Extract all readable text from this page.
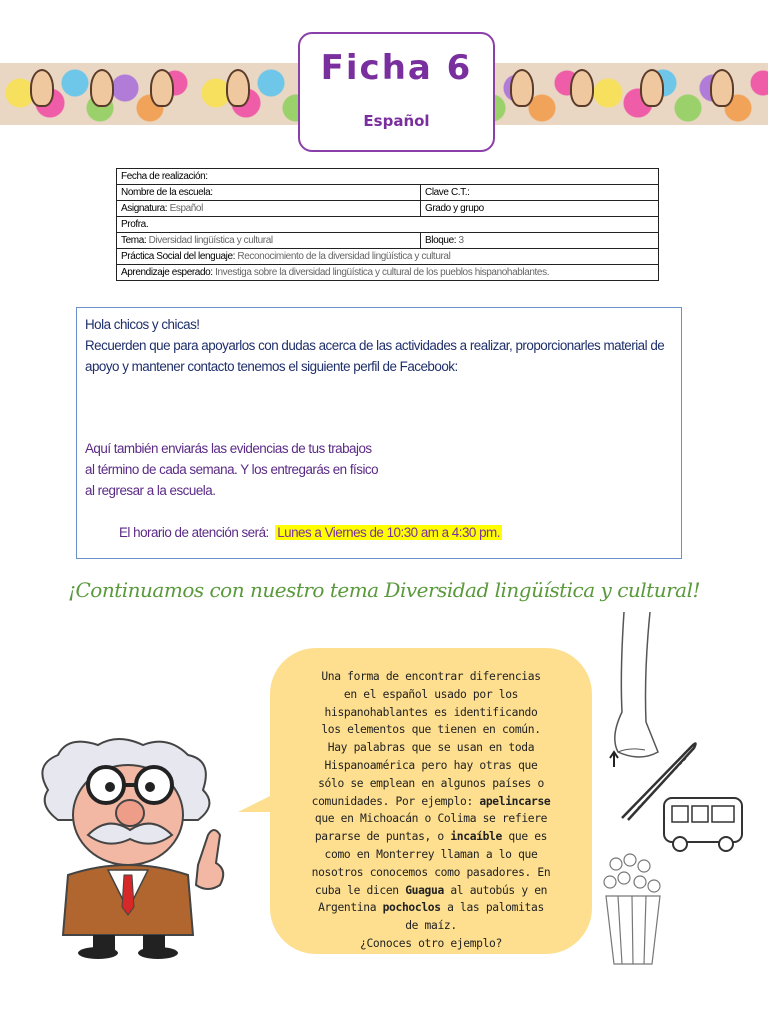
Ficha 6
Español
Fecha de realización:	
Nombre de la escuela:	Clave C.T.:
Asignatura: Español	Grado y grupo
Profra.	
Tema: Diversidad lingüística y cultural	Bloque: 3
Práctica Social del lenguaje: Reconocimiento de la diversidad lingüística y cultural	
Aprendizaje esperado: Investiga sobre la diversidad lingüística y cultural de los pueblos hispanohablantes.	
Hola chicos y chicas!
Recuerden que para apoyarlos con dudas acerca de las actividades a realizar, proporcionarles material de
apoyo y mantener contacto tenemos el siguiente perfil de Facebook:
Aquí también enviarás las evidencias de tus trabajos
al término de cada semana. Y los entregarás en físico
al regresar a la escuela.
El horario de atención será: Lunes a Viernes de 10:30 am a 4:30 pm.
¡Continuamos con nuestro tema Diversidad lingüística y cultural!
Una forma de encontrar diferencias
en el español usado por los
hispanohablantes es identificando
los elementos que tienen en común.
Hay palabras que se usan en toda
Hispanoamérica pero hay otras que
sólo se emplean en algunos países o
comunidades. Por ejemplo: apelincarse
que en Michoacán o Colima se refiere
pararse de puntas, o incaíble que es
como en Monterrey llaman a lo que
nosotros conocemos como pasadores. En
cuba le dicen Guagua al autobús y en
Argentina pochoclos a las palomitas
de maíz.
¿Conoces otro ejemplo?
